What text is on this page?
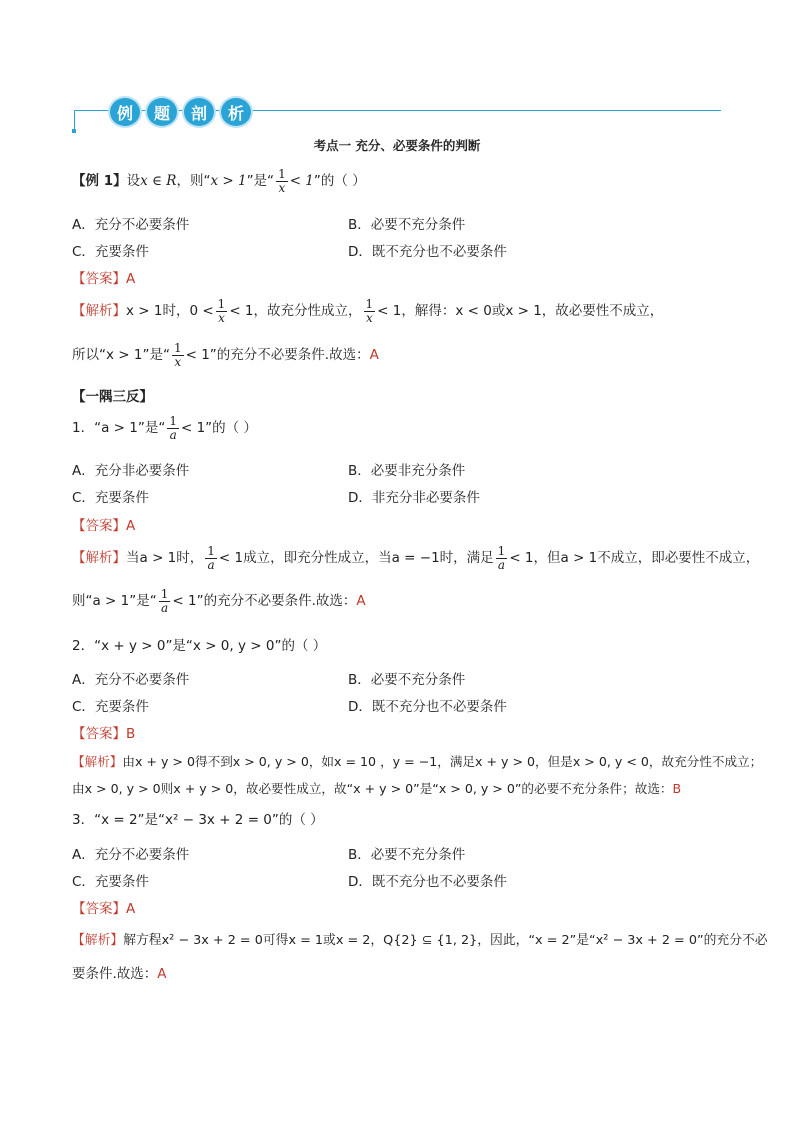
例	题	剖	析
考点一 充分、必要条件的判断
【例 1】设x ∈ R，则“x > 1”是“ $\frac{1}{x} < 1$”的（ ）
A．充分不必要条件	B．必要不充分条件
C．充要条件	D．既不充分也不必要条件
【答案】A
【解析】x > 1时，$0 < \frac{1}{x} < 1$，故充分性成立， $\frac{1}{x} < 1$，解得：x < 0或x > 1，故必要性不成立，
所以“x > 1”是“ $\frac{1}{x} < 1$”的充分不必要条件.故选：A
【一隅三反】
1．“a > 1”是“ $\frac{1}{a} < 1$”的（ ）
A．充分非必要条件	B．必要非充分条件
C．充要条件	D．非充分非必要条件
【答案】A
【解析】当a > 1时， $\frac{1}{a} < 1$成立，即充分性成立，当a = −1时，满足 $\frac{1}{a} < 1$，但a > 1不成立，即必要性不成立，
则“a > 1”是“ $\frac{1}{a} < 1$”的充分不必要条件.故选：A
2．“x + y > 0”是“x > 0, y > 0”的（ ）
A．充分不必要条件	B．必要不充分条件
C．充要条件	D．既不充分也不必要条件
【答案】B
【解析】由x + y > 0得不到x > 0, y > 0，如x = 10 ，y = −1，满足x + y > 0，但是x > 0, y < 0，故充分性不成立；
由x > 0, y > 0则x + y > 0，故必要性成立，故“x + y > 0”是“x > 0, y > 0”的必要不充分条件；故选：B
3．“x = 2”是“x² − 3x + 2 = 0”的（ ）
A．充分不必要条件	B．必要不充分条件
C．充要条件	D．既不充分也不必要条件
【答案】A
【解析】解方程x² − 3x + 2 = 0可得x = 1或x = 2，Q{2} ⊆ {1, 2}，因此，“x = 2”是“x² − 3x + 2 = 0”的充分不必
要条件.故选：A
